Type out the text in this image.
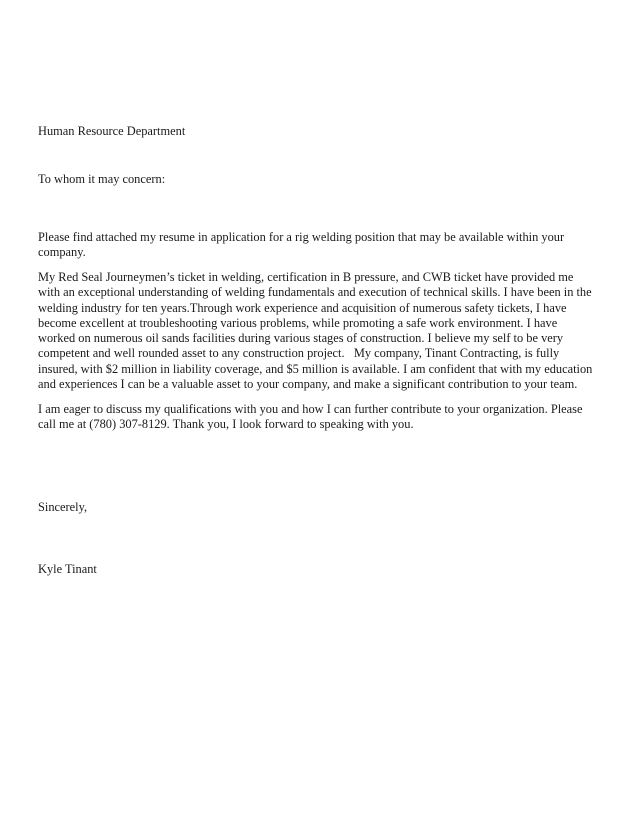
Human Resource Department

To whom it may concern:

Please find attached my resume in application for a rig welding position that may be available within your
company.

My Red Seal Journeymen’s ticket in welding, certification in B pressure, and CWB ticket have provided me
with an exceptional understanding of welding fundamentals and execution of technical skills. I have been in the
welding industry for ten years.Through work experience and acquisition of numerous safety tickets, I have
become excellent at troubleshooting various problems, while promoting a safe work environment. I have
worked on numerous oil sands facilities during various stages of construction. I believe my self to be very
competent and well rounded asset to any construction project.   My company, Tinant Contracting, is fully
insured, with $2 million in liability coverage, and $5 million is available. I am confident that with my education
and experiences I can be a valuable asset to your company, and make a significant contribution to your team.

I am eager to discuss my qualifications with you and how I can further contribute to your organization. Please
call me at (780) 307-8129. Thank you, I look forward to speaking with you.

Sincerely,

Kyle Tinant
